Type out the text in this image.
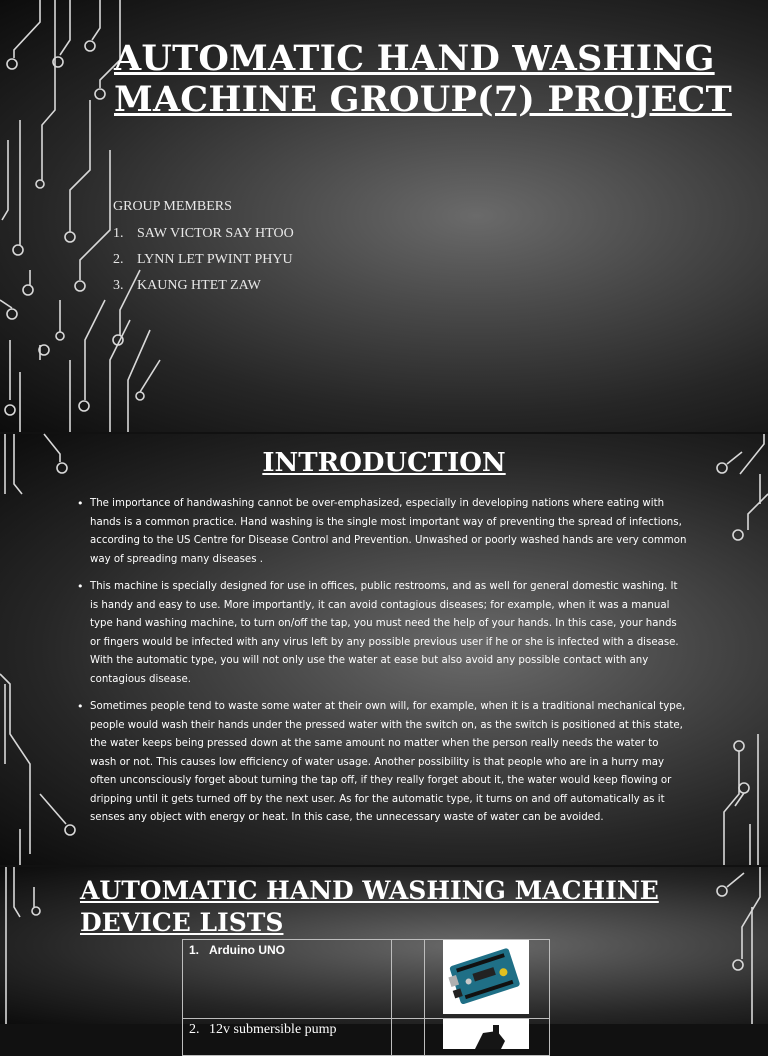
AUTOMATIC HAND WASHING MACHINE GROUP(7) PROJECT

GROUP MEMBERS

1. SAW VICTOR SAY HTOO
2. LYNN LET PWINT PHYU
3. KAUNG HTET ZAW
INTRODUCTION
• The importance of handwashing cannot be over-emphasized, especially in developing nations where eating with hands is a common practice. Hand washing is the single most important way of preventing the spread of infections, according to the US Centre for Disease Control and Prevention. Unwashed or poorly washed hands are very common way of spreading many diseases .
• This machine is specially designed for use in offices, public restrooms, and as well for general domestic washing. It is handy and easy to use. More importantly, it can avoid contagious diseases; for example, when it was a manual type hand washing machine, to turn on/off the tap, you must need the help of your hands. In this case, your hands or fingers would be infected with any virus left by any possible previous user if he or she is infected with a disease. With the automatic type, you will not only use the water at ease but also avoid any possible contact with any contagious disease.
• Sometimes people tend to waste some water at their own will, for example, when it is a traditional mechanical type, people would wash their hands under the pressed water with the switch on, as the switch is positioned at this state, the water keeps being pressed down at the same amount no matter when the person really needs the water to wash or not. This causes low efficiency of water usage. Another possibility is that people who are in a hurry may often unconsciously forget about turning the tap off, if they really forget about it, the water would keep flowing or dripping until it gets turned off by the next user. As for the automatic type, it turns on and off automatically as it senses any object with energy or heat. In this case, the unnecessary waste of water can be avoided.
AUTOMATIC HAND WASHING MACHINE DEVICE LISTS
1. Arduino UNO		
2. 12v submersible pump		
